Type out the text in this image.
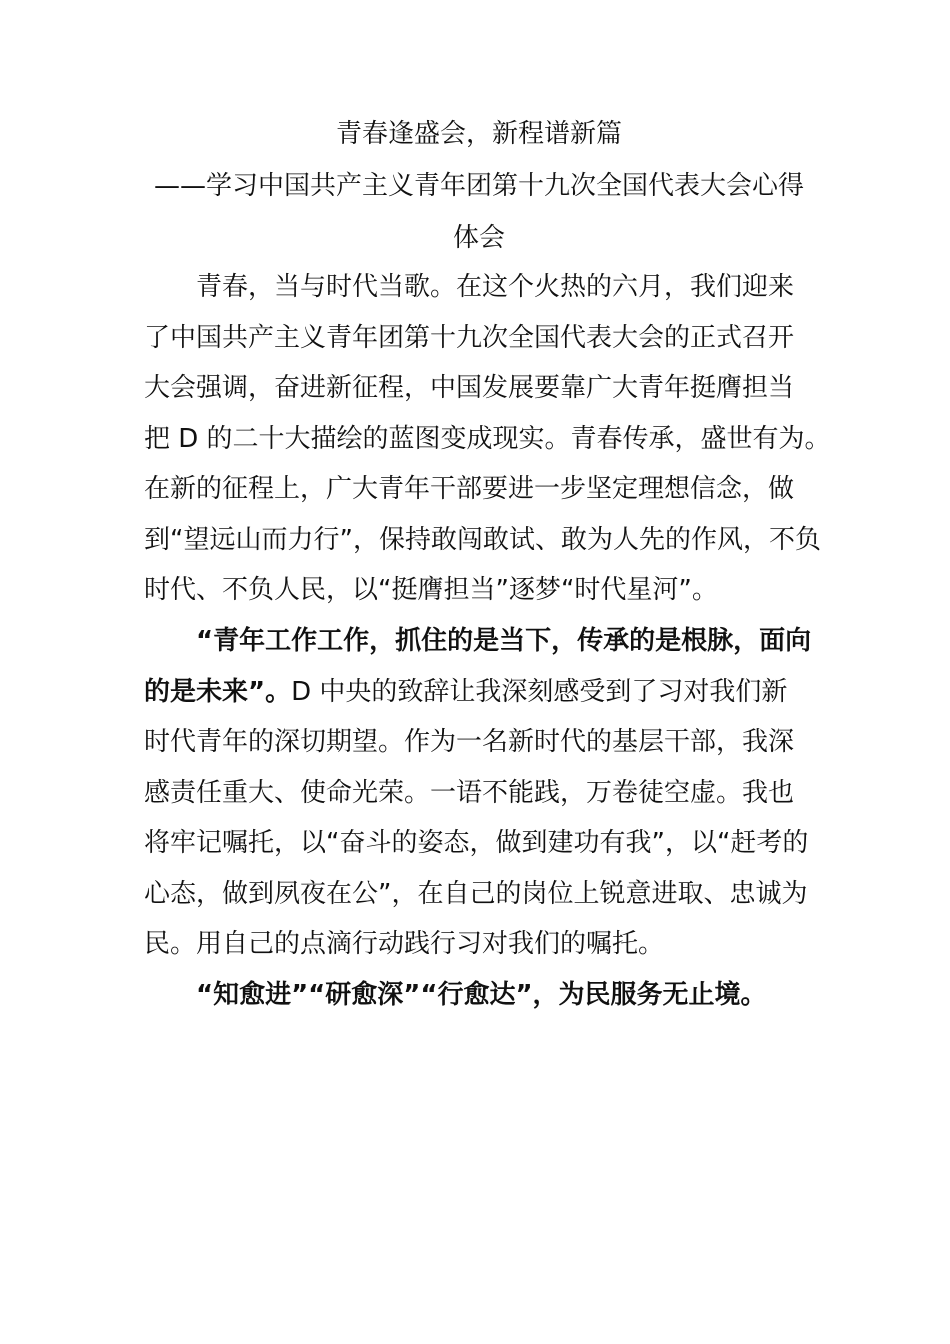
青春逢盛会，新程谱新篇
——学习中国共产主义青年团第十九次全国代表大会心得
体会
青春，当与时代当歌。在这个火热的六月，我们迎来
了中国共产主义青年团第十九次全国代表大会的正式召开
大会强调，奋进新征程，中国发展要靠广大青年挺膺担当
把 D 的二十大描绘的蓝图变成现实。青春传承，盛世有为。
在新的征程上，广大青年干部要进一步坚定理想信念，做
到“望远山而力行”，保持敢闯敢试、敢为人先的作风，不负
时代、不负人民，以“挺膺担当”逐梦“时代星河”。
“青年工作工作，抓住的是当下，传承的是根脉，面向
的是未来”。D 中央的致辞让我深刻感受到了习对我们新
时代青年的深切期望。作为一名新时代的基层干部，我深
感责任重大、使命光荣。一语不能践，万卷徒空虚。我也
将牢记嘱托，以“奋斗的姿态，做到建功有我”，以“赶考的
心态，做到夙夜在公”，在自己的岗位上锐意进取、忠诚为
民。用自己的点滴行动践行习对我们的嘱托。
“知愈进”“研愈深”“行愈达”，为民服务无止境。
